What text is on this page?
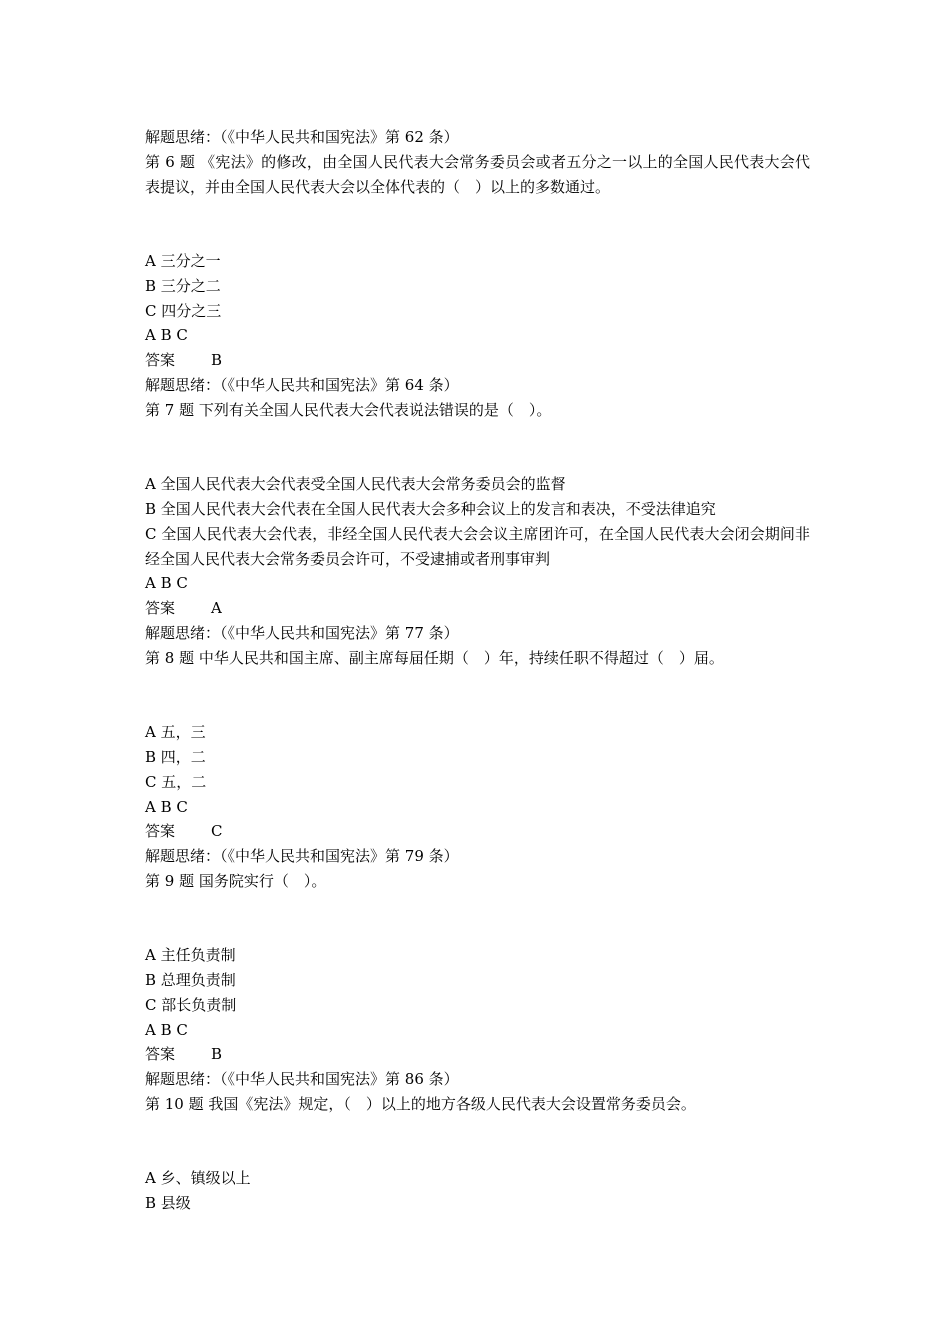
解题思绪：（《中华人民共和国宪法》第 62 条）
第 6 题 《宪法》的修改，由全国人民代表大会常务委员会或者五分之一以上的全国人民代表大会代表提议，并由全国人民代表大会以全体代表的（　）以上的多数通过。
A 三分之一
B 三分之二
C 四分之三
A B C
答案 B
解题思绪：（《中华人民共和国宪法》第 64 条）
第 7 题 下列有关全国人民代表大会代表说法错误的是（　）。
A 全国人民代表大会代表受全国人民代表大会常务委员会的监督
B 全国人民代表大会代表在全国人民代表大会多种会议上的发言和表决，不受法律追究
C 全国人民代表大会代表，非经全国人民代表大会会议主席团许可，在全国人民代表大会闭会期间非经全国人民代表大会常务委员会许可，不受逮捕或者刑事审判
A B C
答案 A
解题思绪：（《中华人民共和国宪法》第 77 条）
第 8 题 中华人民共和国主席、副主席每届任期（　）年，持续任职不得超过（　）届。
A 五，三
B 四，二
C 五，二
A B C
答案 C
解题思绪：（《中华人民共和国宪法》第 79 条）
第 9 题 国务院实行（　）。
A 主任负责制
B 总理负责制
C 部长负责制
A B C
答案 B
解题思绪：（《中华人民共和国宪法》第 86 条）
第 10 题 我国《宪法》规定，（　）以上的地方各级人民代表大会设置常务委员会。
A 乡、镇级以上
B 县级
